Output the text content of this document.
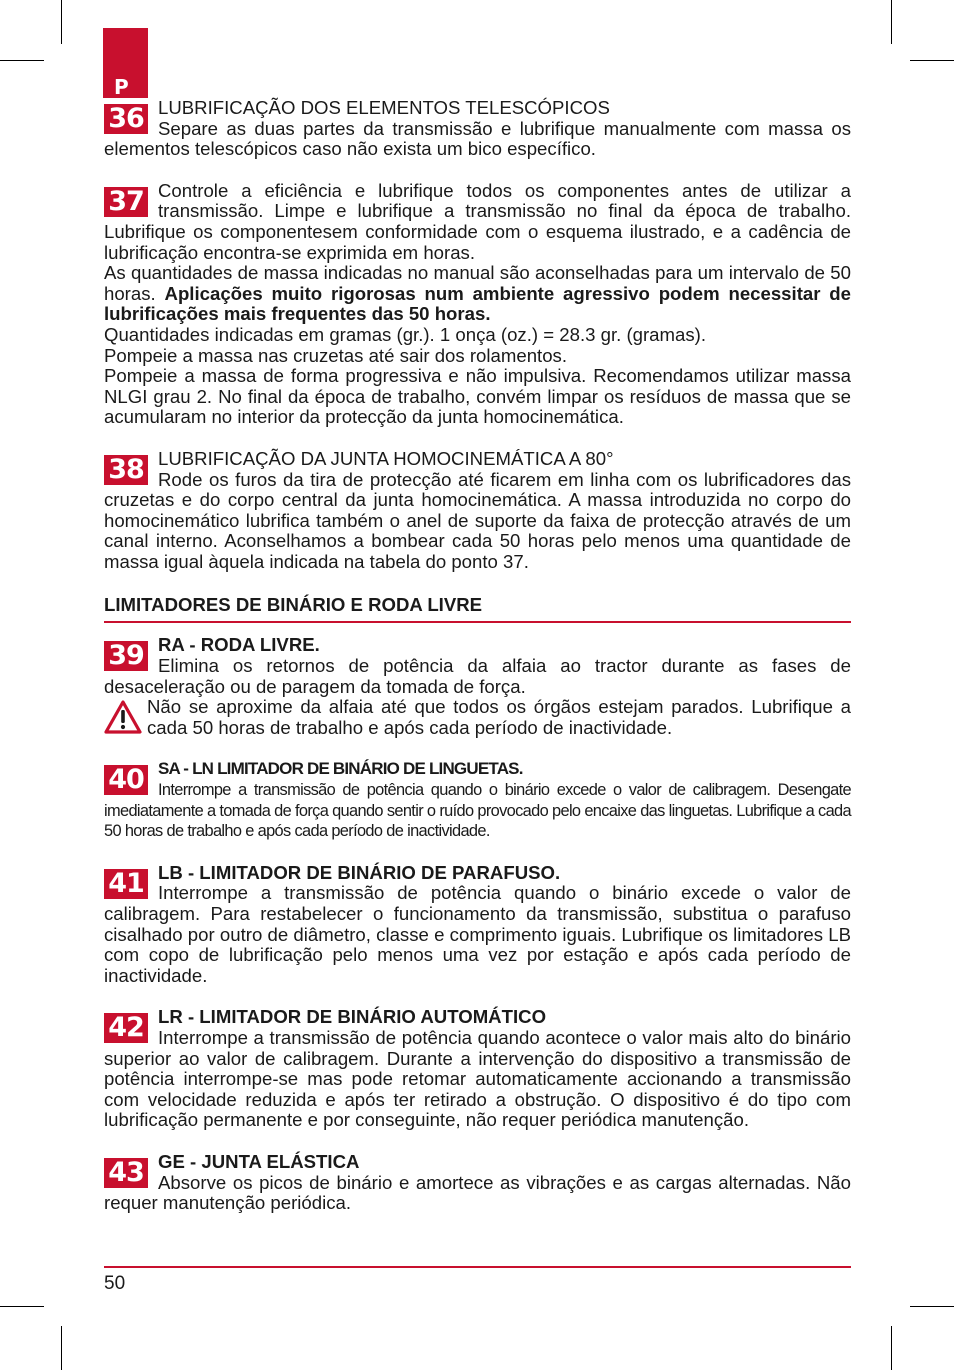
P
36 LUBRIFICAÇÃO DOS ELEMENTOS TELESCÓPICOS

Separe as duas partes da transmissão e lubrifique manualmente com massa os elementos telescópicos caso não exista um bico específico.

37 Controle a eficiência e lubrifique todos os componentes antes de utilizar a transmissão. Limpe e lubrifique a transmissão no final da época de trabalho. Lubrifique os componentesem conformidade com o esquema ilustrado, e a cadência de lubrificação encontra-se exprimida em horas.

As quantidades de massa indicadas no manual são aconselhadas para um intervalo de 50 horas. Aplicações muito rigorosas num ambiente agressivo podem necessitar de lubrificações mais frequentes das 50 horas.

Quantidades indicadas em gramas (gr.). 1 onça (oz.) = 28.3 gr. (gramas).

Pompeie a massa nas cruzetas até sair dos rolamentos.

Pompeie a massa de forma progressiva e não impulsiva. Recomendamos utilizar massa NLGI grau 2. No final da época de trabalho, convém limpar os resíduos de massa que se acumularam no interior da protecção da junta homocinemática.

38 LUBRIFICAÇÃO DA JUNTA HOMOCINEMÁTICA A 80°

Rode os furos da tira de protecção até ficarem em linha com os lubrificadores das cruzetas e do corpo central da junta homocinemática. A massa introduzida no corpo do homocinemático lubrifica também o anel de suporte da faixa de protecção através de um canal interno. Aconselhamos a bombear cada 50 horas pelo menos uma quantidade de massa igual àquela indicada na tabela do ponto 37.

LIMITADORES DE BINÁRIO E RODA LIVRE
39 RA - RODA LIVRE.

Elimina os retornos de potência da alfaia ao tractor durante as fases de desaceleração ou de paragem da tomada de força.

Não se aproxime da alfaia até que todos os órgãos estejam parados. Lubrifique a cada 50 horas de trabalho e após cada período de inactividade.

40 SA - LN LIMITADOR DE BINÁRIO DE LINGUETAS.

Interrompe a transmissão de potência quando o binário excede o valor de calibragem. Desengate imediatamente a tomada de força quando sentir o ruído provocado pelo encaixe das linguetas. Lubrifique a cada 50 horas de trabalho e após cada período de inactividade.

41 LB - LIMITADOR DE BINÁRIO DE PARAFUSO.

Interrompe a transmissão de potência quando o binário excede o valor de calibragem. Para restabelecer o funcionamento da transmissão, substitua o parafuso cisalhado por outro de diâmetro, classe e comprimento iguais. Lubrifique os limitadores LB com copo de lubrificação pelo menos uma vez por estação e após cada período de inactividade.

42 LR - LIMITADOR DE BINÁRIO AUTOMÁTICO

Interrompe a transmissão de potência quando acontece o valor mais alto do binário superior ao valor de calibragem. Durante a intervenção do dispositivo a transmissão de potência interrompe-se mas pode retomar automaticamente accionando a transmissão com velocidade reduzida e após ter retirado a obstrução. O dispositivo é do tipo com lubrificação permanente e por conseguinte, não requer periódica manutenção.

43 GE - JUNTA ELÁSTICA

Absorve os picos de binário e amortece as vibrações e as cargas alternadas. Não requer manutenção periódica.

50
